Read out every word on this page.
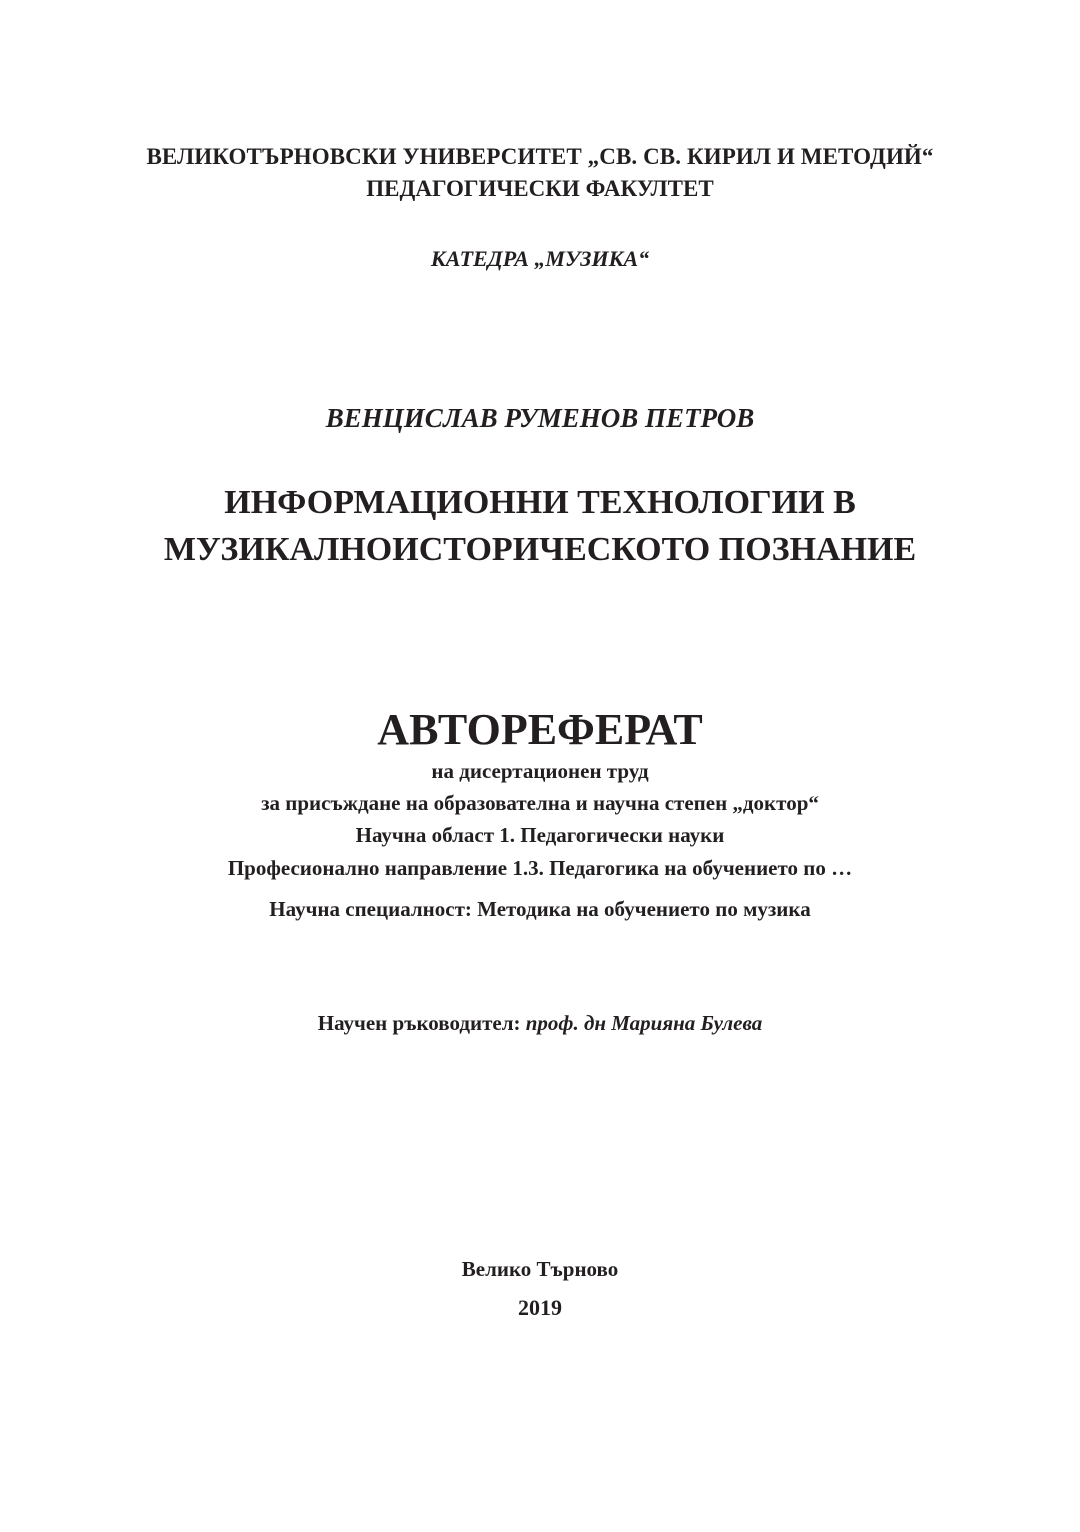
ВЕЛИКОТЪРНОВСКИ УНИВЕРСИТЕТ „СВ. СВ. КИРИЛ И МЕТОДИЙ“

ПЕДАГОГИЧЕСКИ ФАКУЛТЕТ

КАТЕДРА „МУЗИКА“

ВЕНЦИСЛАВ РУМЕНОВ ПЕТРОВ

ИНФОРМАЦИОННИ ТЕХНОЛОГИИ В

МУЗИКАЛНОИСТОРИЧЕСКОТО ПОЗНАНИЕ

АВТОРЕФЕРАТ

на дисертационен труд

за присъждане на образователна и научна степен „доктор“

Научна област 1. Педагогически науки

Професионално направление 1.3. Педагогика на обучението по …

Научна специалност: Методика на обучението по музика

Научен ръководител: проф. дн Марияна Булева

Велико Търново

2019
